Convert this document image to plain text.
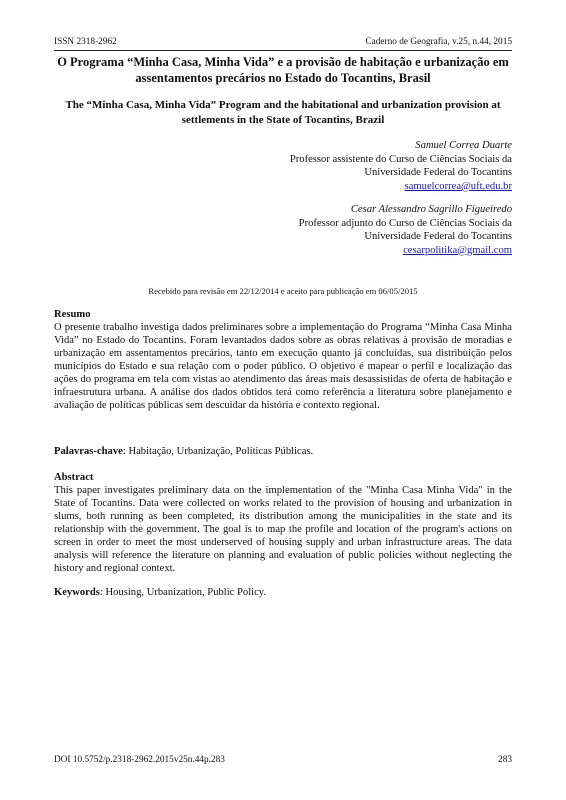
ISSN 2318-2962	Caderno de Geografia, v.25, n.44, 2015
O Programa “Minha Casa, Minha Vida” e a provisão de habitação e urbanização em assentamentos precários no Estado do Tocantins, Brasil
The “Minha Casa, Minha Vida” Program and the habitational and urbanization provision at settlements in the State of Tocantins, Brazil
Samuel Correa Duarte
Professor assistente do Curso de Ciências Sociais da
Universidade Federal do Tocantins
samuelcorrea@uft.edu.br
Cesar Alessandro Sagrillo Figueiredo
Professor adjunto do Curso de Ciências Sociais da
Universidade Federal do Tocantins
cesarpolitika@gmail.com
Recebido para revisão em 22/12/2014 e aceito para publicação em 06/05/2015
Resumo

O presente trabalho investiga dados preliminares sobre a implementação do Programa “Minha Casa Minha Vida” no Estado do Tocantins. Foram levantados dados sobre as obras relativas à provisão de moradias e urbanização em assentamentos precários, tanto em execução quanto já concluídas, sua distribuição pelos municípios do Estado e sua relação com o poder público. O objetivo é mapear o perfil e localização das ações do programa em tela com vistas ao atendimento das áreas mais desassistidas de oferta de habitação e infraestrutura urbana. A análise dos dados obtidos terá como referência a literatura sobre planejamento e avaliação de políticas públicas sem descuidar da história e contexto regional.

Palavras-chave: Habitação, Urbanização, Políticas Públicas.
Abstract

This paper investigates preliminary data on the implementation of the "Minha Casa Minha Vida" in the State of Tocantins. Data were collected on works related to the provision of housing and urbanization in slums, both running as been completed, its distribution among the municipalities in the state and its relationship with the government. The goal is to map the profile and location of the program's actions on screen in order to meet the most underserved of housing supply and urban infrastructure areas. The data analysis will reference the literature on planning and evaluation of public policies without neglecting the history and regional context.

Keywords: Housing, Urbanization, Public Policy.
DOI 10.5752/p.2318-2962.2015v25n.44p.283	283
